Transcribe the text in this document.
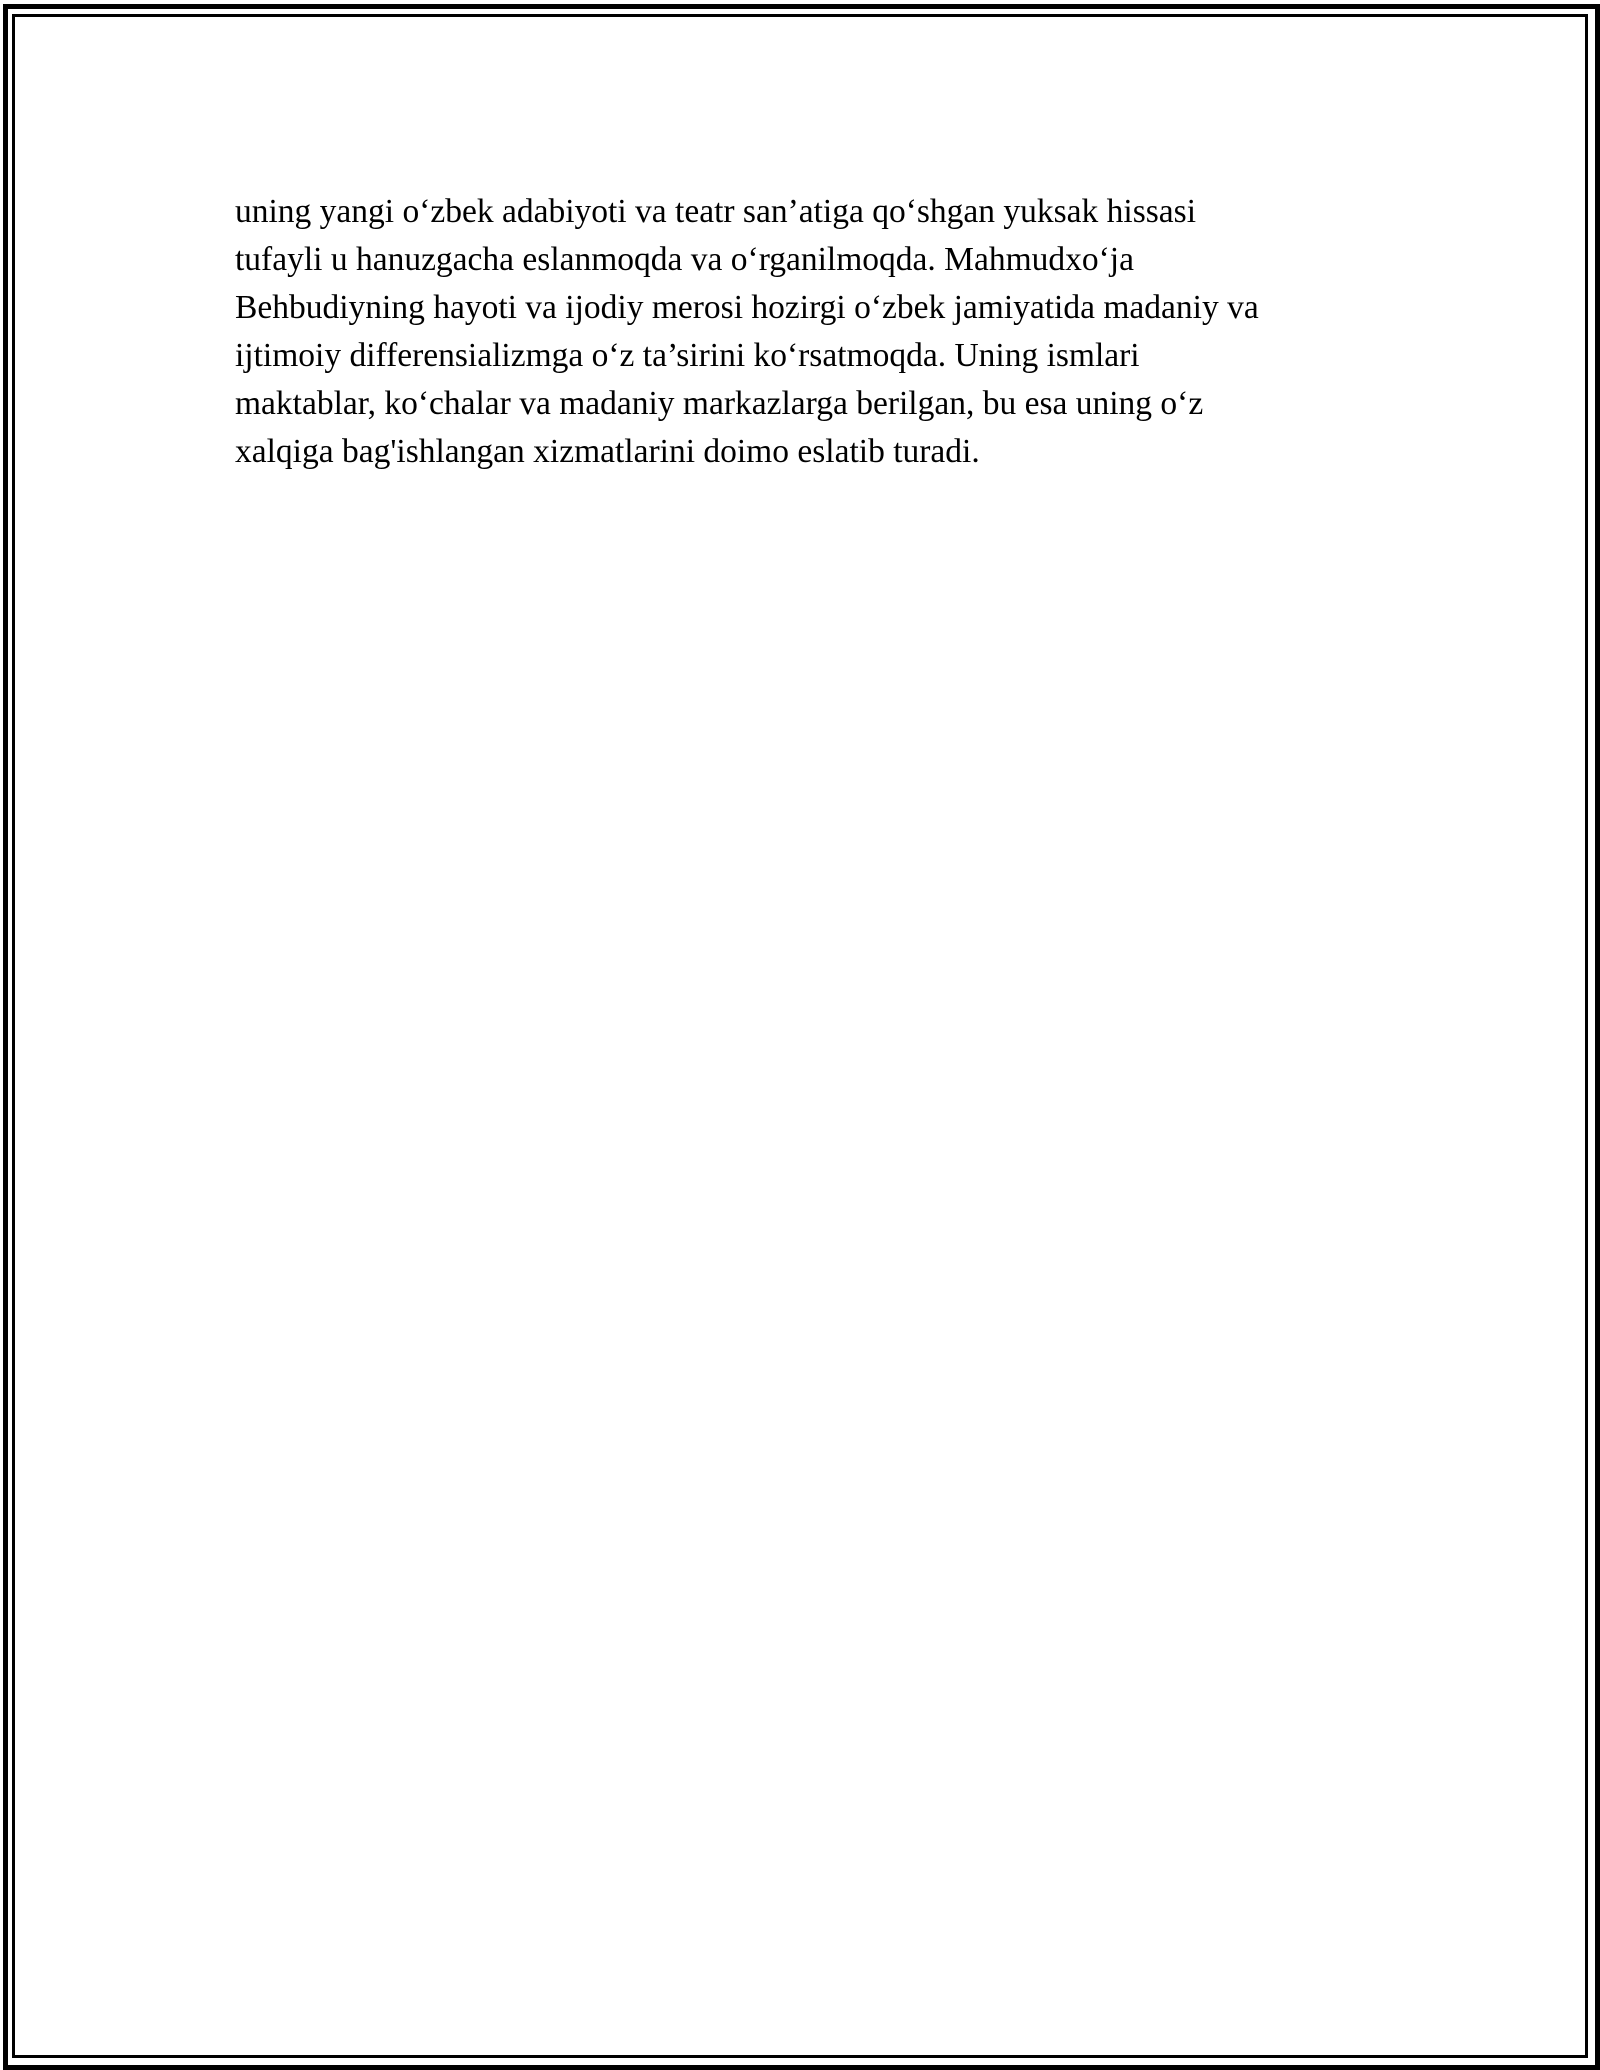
uning yangi o‘zbek adabiyoti va teatr san’atiga qo‘shgan yuksak hissasi
tufayli u hanuzgacha eslanmoqda va o‘rganilmoqda. Mahmudxo‘ja
Behbudiyning hayoti va ijodiy merosi hozirgi o‘zbek jamiyatida madaniy va
ijtimoiy differensializmga o‘z ta’sirini ko‘rsatmoqda. Uning ismlari
maktablar, ko‘chalar va madaniy markazlarga berilgan, bu esa uning o‘z
xalqiga bag'ishlangan xizmatlarini doimo eslatib turadi.
